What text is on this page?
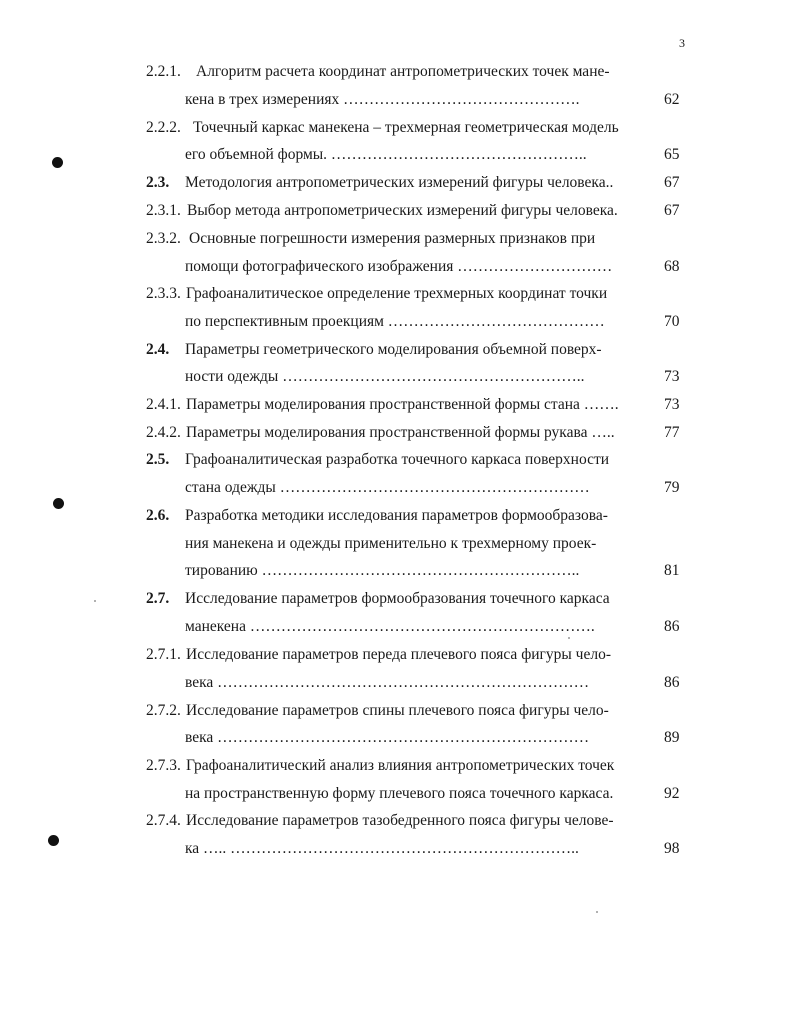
3
2.2.1. Алгоритм расчета координат антропометрических точек мане-
кена в трех измерениях ……………………………………….	62
2.2.2. Точечный каркас манекена – трехмерная геометрическая модель
его объемной формы. …………………………………………..	65
2.3. Методология антропометрических измерений фигуры человека..	67
2.3.1. Выбор метода антропометрических измерений фигуры человека.	67
2.3.2. Основные погрешности измерения размерных признаков при
помощи фотографического изображения …………………………	68
2.3.3. Графоаналитическое определение трехмерных координат точки
по перспективным проекциям ……………………………………	70
2.4. Параметры геометрического моделирования объемной поверх-
ности одежды …………………………………………………..	73
2.4.1. Параметры моделирования пространственной формы стана …….	73
2.4.2. Параметры моделирования пространственной формы рукава …..	77
2.5. Графоаналитическая разработка точечного каркаса поверхности
стана одежды ……………………………………………………	79
2.6. Разработка методики исследования параметров формообразова-
ния манекена и одежды применительно к трехмерному проек-
тированию ……………………………………………………..	81
2.7. Исследование параметров формообразования точечного каркаса
манекена ………………………………………………………….	86
2.7.1. Исследование параметров переда плечевого пояса фигуры чело-
века ………………………………………………………………	86
2.7.2. Исследование параметров спины плечевого пояса фигуры чело-
века ………………………………………………………………	89
2.7.3. Графоаналитический анализ влияния антропометрических точек
на пространственную форму плечевого пояса точечного каркаса.	92
2.7.4. Исследование параметров тазобедренного пояса фигуры челове-
ка ….. …………………………………………………………..	98
